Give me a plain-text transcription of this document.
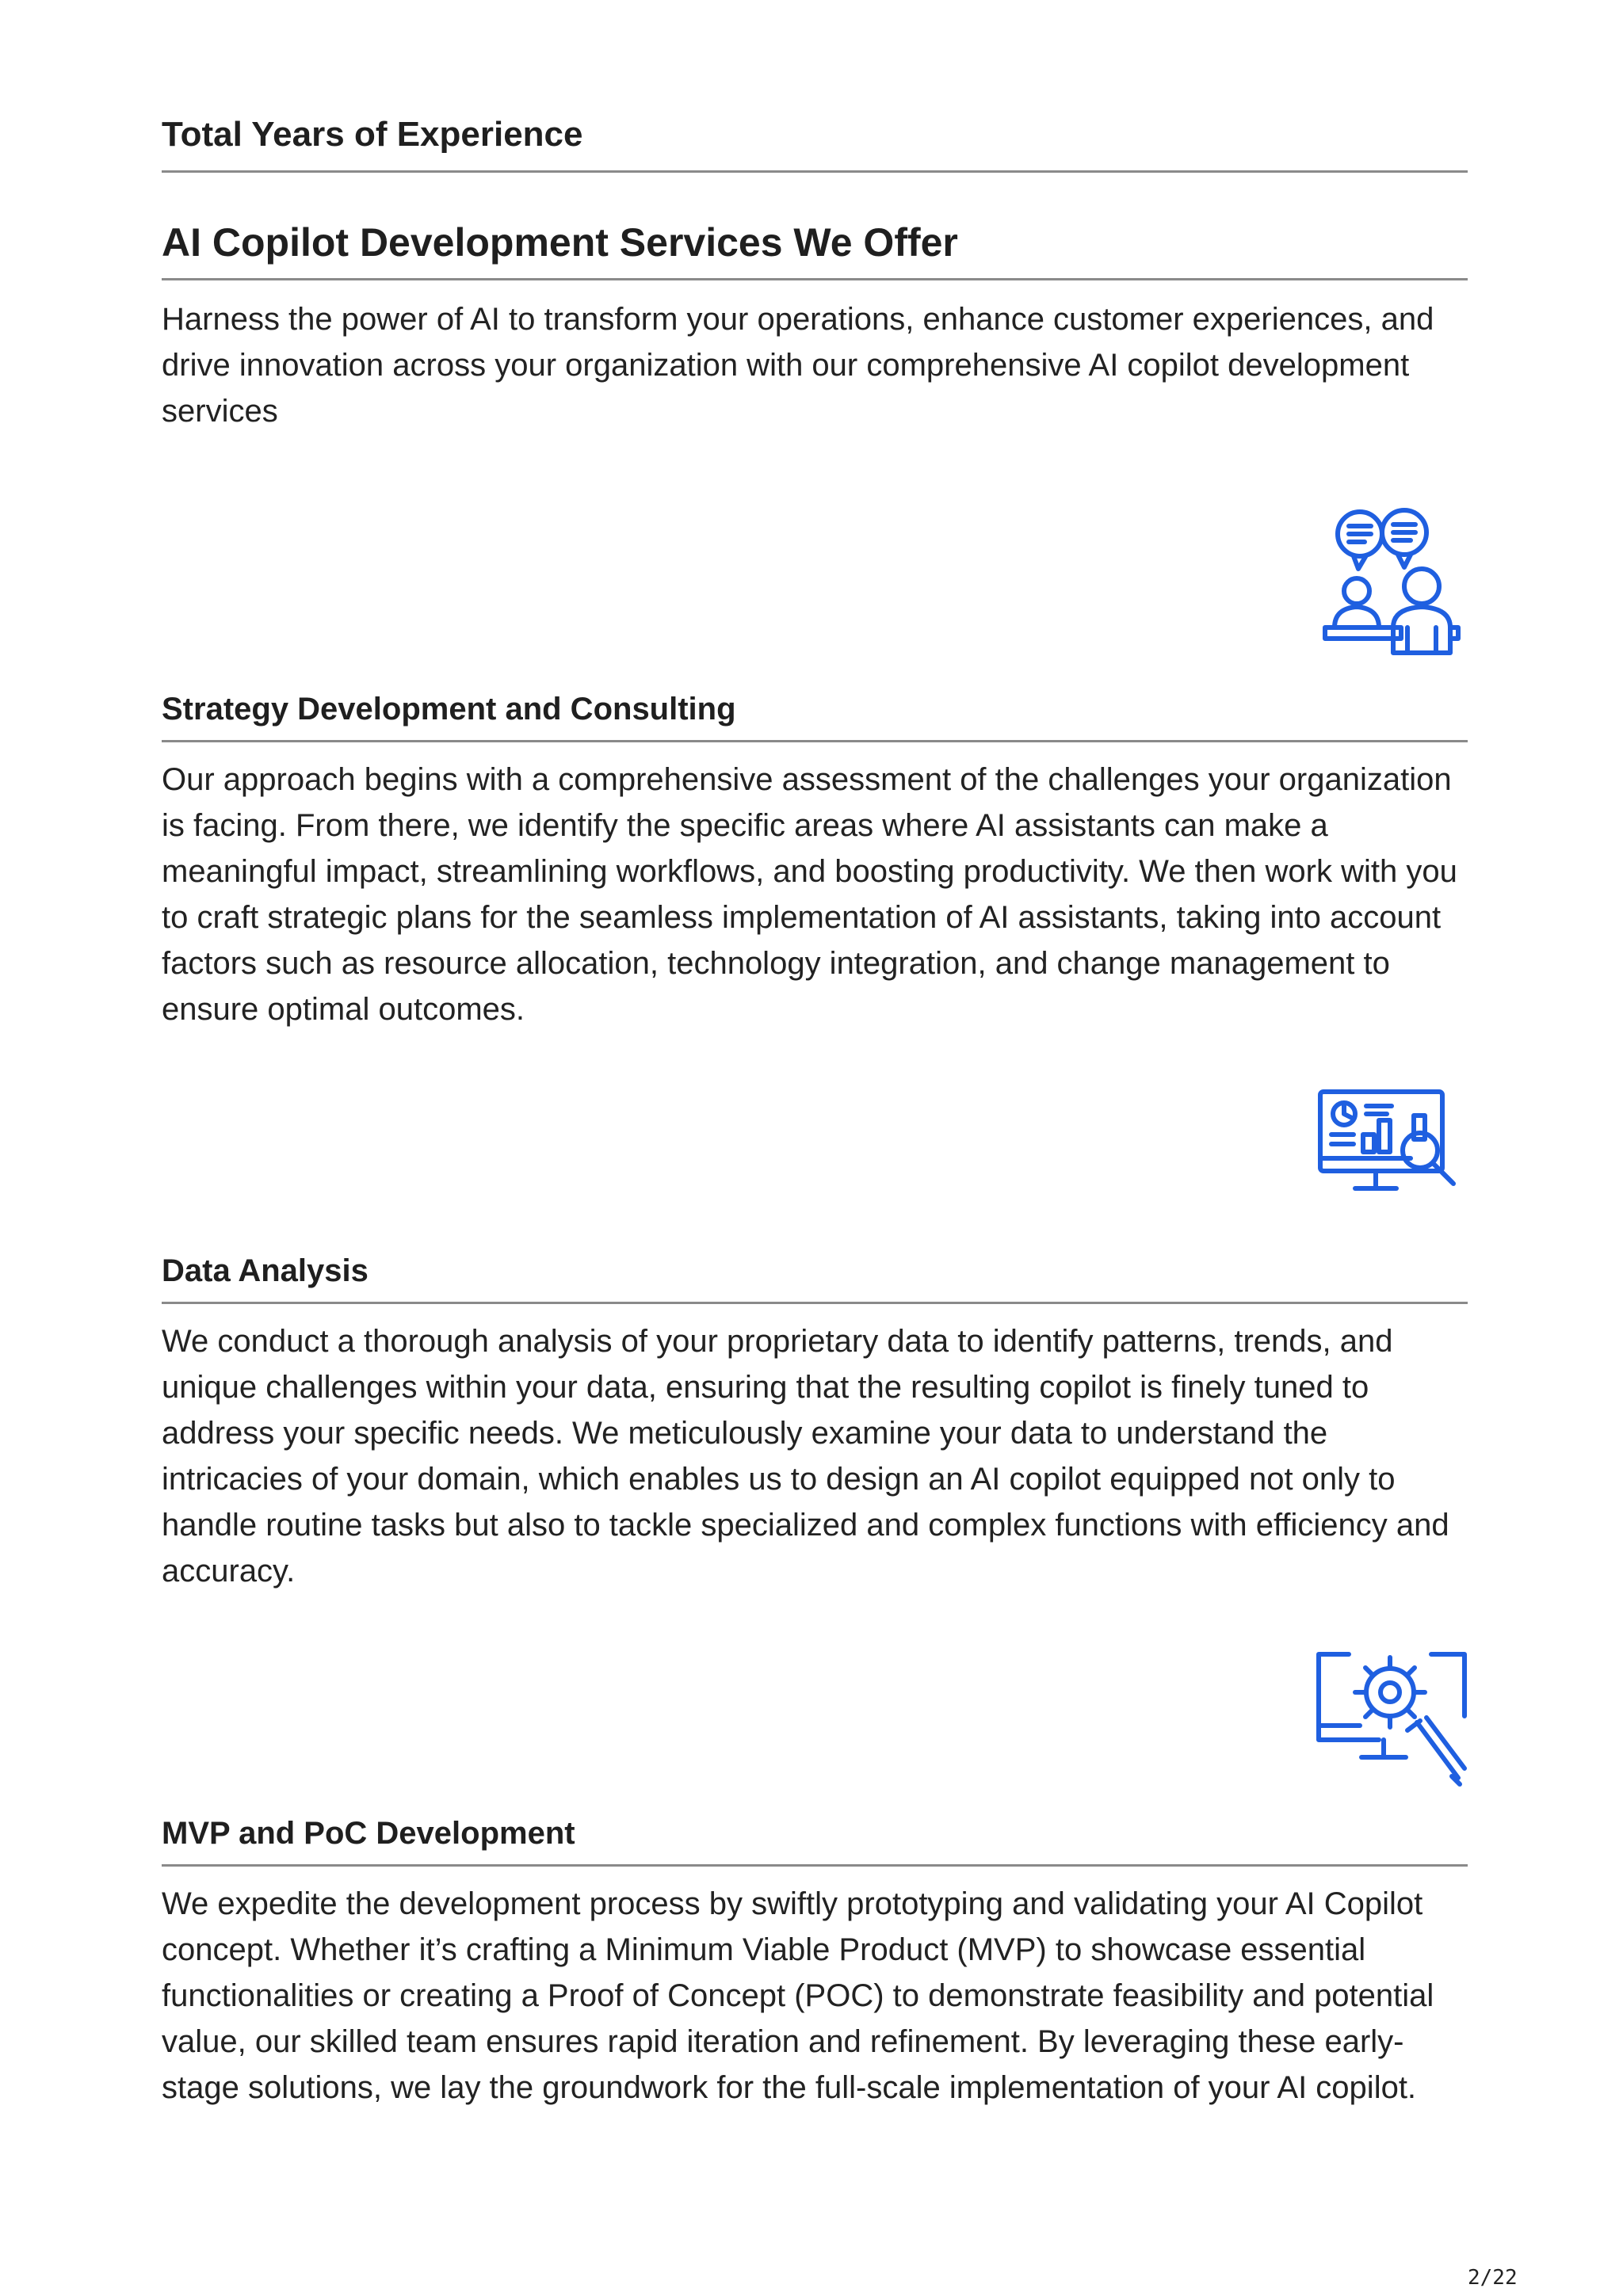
Total Years of Experience
AI Copilot Development Services We Offer

Harness the power of AI to transform your operations, enhance customer experiences, and drive innovation across your organization with our comprehensive AI copilot development services

Strategy Development and Consulting

Our approach begins with a comprehensive assessment of the challenges your organization is facing. From there, we identify the specific areas where AI assistants can make a meaningful impact, streamlining workflows, and boosting productivity. We then work with you to craft strategic plans for the seamless implementation of AI assistants, taking into account factors such as resource allocation, technology integration, and change management to ensure optimal outcomes.

Data Analysis

We conduct a thorough analysis of your proprietary data to identify patterns, trends, and unique challenges within your data, ensuring that the resulting copilot is finely tuned to address your specific needs. We meticulously examine your data to understand the intricacies of your domain, which enables us to design an AI copilot equipped not only to handle routine tasks but also to tackle specialized and complex functions with efficiency and accuracy.

MVP and PoC Development

We expedite the development process by swiftly prototyping and validating your AI Copilot concept. Whether it’s crafting a Minimum Viable Product (MVP) to showcase essential functionalities or creating a Proof of Concept (POC) to demonstrate feasibility and potential value, our skilled team ensures rapid iteration and refinement. By leveraging these early-stage solutions, we lay the groundwork for the full-scale implementation of your AI copilot.

2/22
